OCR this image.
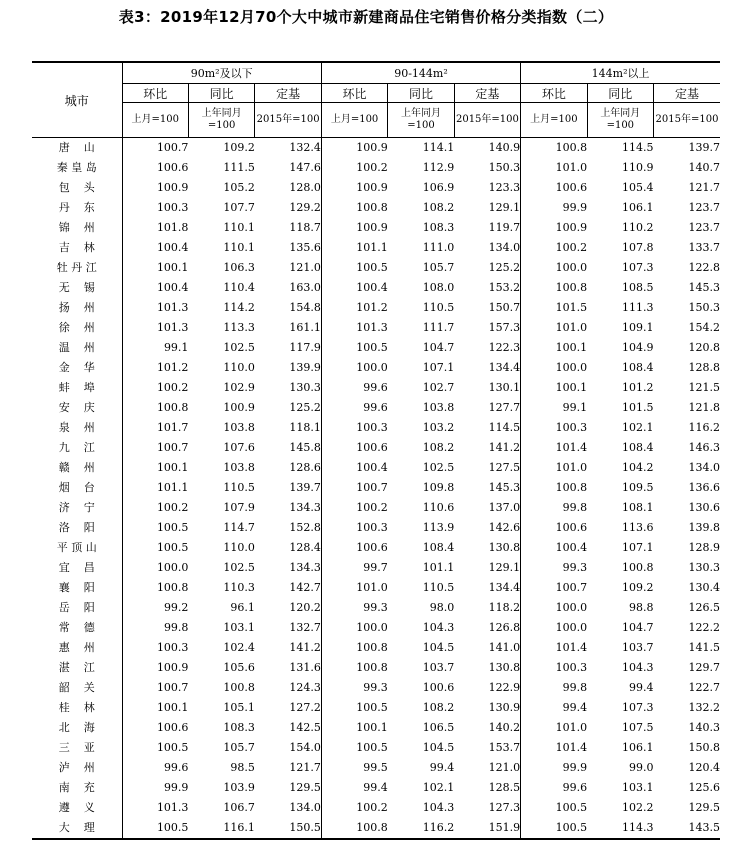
表3：2019年12月70个大中城市新建商品住宅销售价格分类指数（二）
城市	90m²及以下			90-144m²			144m²以上		
	环比	同比	定基	环比	同比	定基	环比	同比	定基
	上月=100	上年同月=100	2015年=100	上月=100	上年同月=100	2015年=100	上月=100	上年同月=100	2015年=100
唐    山	100.7	109.2	132.4	100.9	114.1	140.9	100.8	114.5	139.7
秦 皇 岛	100.6	111.5	147.6	100.2	112.9	150.3	101.0	110.9	140.7
包    头	100.9	105.2	128.0	100.9	106.9	123.3	100.6	105.4	121.7
丹    东	100.3	107.7	129.2	100.8	108.2	129.1	99.9	106.1	123.7
锦    州	101.8	110.1	118.7	100.9	108.3	119.7	100.9	110.2	123.7
吉    林	100.4	110.1	135.6	101.1	111.0	134.0	100.2	107.8	133.7
牡 丹 江	100.1	106.3	121.0	100.5	105.7	125.2	100.0	107.3	122.8
无    锡	100.4	110.4	163.0	100.4	108.0	153.2	100.8	108.5	145.3
扬    州	101.3	114.2	154.8	101.2	110.5	150.7	101.5	111.3	150.3
徐    州	101.3	113.3	161.1	101.3	111.7	157.3	101.0	109.1	154.2
温    州	99.1	102.5	117.9	100.5	104.7	122.3	100.1	104.9	120.8
金    华	101.2	110.0	139.9	100.0	107.1	134.4	100.0	108.4	128.8
蚌    埠	100.2	102.9	130.3	99.6	102.7	130.1	100.1	101.2	121.5
安    庆	100.8	100.9	125.2	99.6	103.8	127.7	99.1	101.5	121.8
泉    州	101.7	103.8	118.1	100.3	103.2	114.5	100.3	102.1	116.2
九    江	100.7	107.6	145.8	100.6	108.2	141.2	101.4	108.4	146.3
赣    州	100.1	103.8	128.6	100.4	102.5	127.5	101.0	104.2	134.0
烟    台	101.1	110.5	139.7	100.7	109.8	145.3	100.8	109.5	136.6
济    宁	100.2	107.9	134.3	100.2	110.6	137.0	99.8	108.1	130.6
洛    阳	100.5	114.7	152.8	100.3	113.9	142.6	100.6	113.6	139.8
平 顶 山	100.5	110.0	128.4	100.6	108.4	130.8	100.4	107.1	128.9
宜    昌	100.0	102.5	134.3	99.7	101.1	129.1	99.3	100.8	130.3
襄    阳	100.8	110.3	142.7	101.0	110.5	134.4	100.7	109.2	130.4
岳    阳	99.2	96.1	120.2	99.3	98.0	118.2	100.0	98.8	126.5
常    德	99.8	103.1	132.7	100.0	104.3	126.8	100.0	104.7	122.2
惠    州	100.3	102.4	141.2	100.8	104.5	141.0	101.4	103.7	141.5
湛    江	100.9	105.6	131.6	100.8	103.7	130.8	100.3	104.3	129.7
韶    关	100.7	100.8	124.3	99.3	100.6	122.9	99.8	99.4	122.7
桂    林	100.1	105.1	127.2	100.5	108.2	130.9	99.4	107.3	132.2
北    海	100.6	108.3	142.5	100.1	106.5	140.2	101.0	107.5	140.3
三    亚	100.5	105.7	154.0	100.5	104.5	153.7	101.4	106.1	150.8
泸    州	99.6	98.5	121.7	99.5	99.4	121.0	99.9	99.0	120.4
南    充	99.9	103.9	129.5	99.4	102.1	128.5	99.6	103.1	125.6
遵    义	101.3	106.7	134.0	100.2	104.3	127.3	100.5	102.2	129.5
大    理	100.5	116.1	150.5	100.8	116.2	151.9	100.5	114.3	143.5
